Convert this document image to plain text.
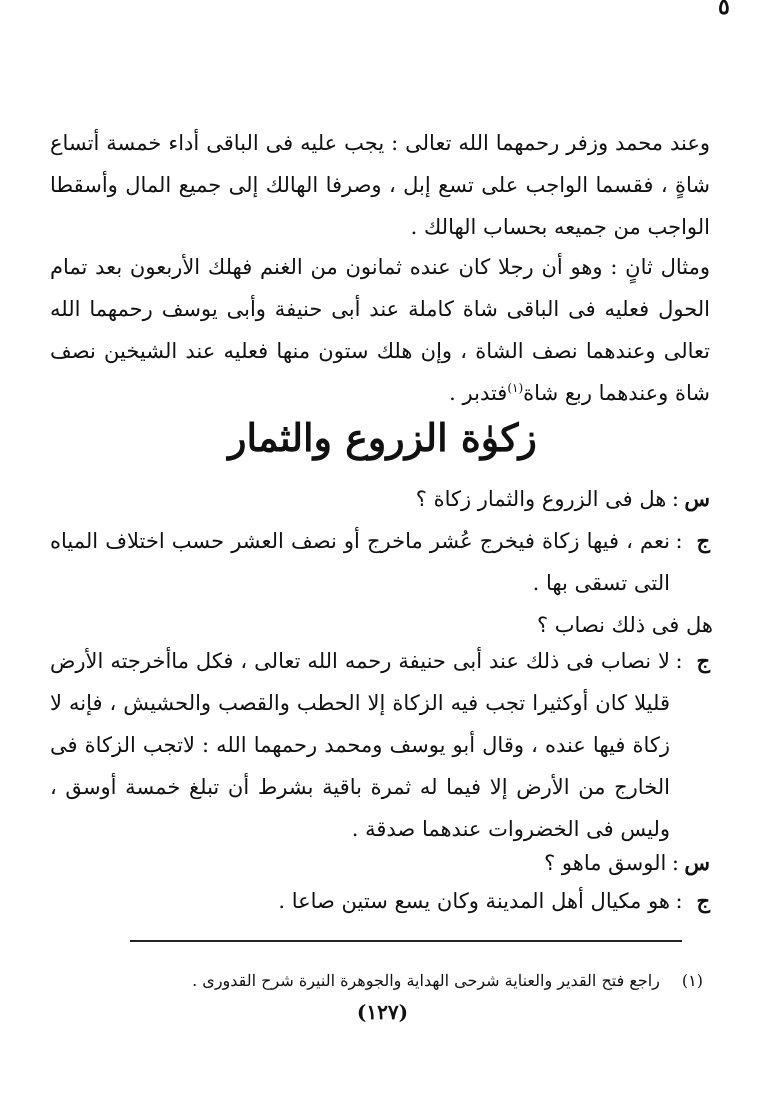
٥

وعند محمد وزفر رحمهما الله تعالى : يجب عليه فى الباقى أداء خمسة أتساع شاةٍ ، فقسما الواجب على تسع إبل ، وصرفا الهالك إلى جميع المال وأسقطا الواجب من جميعه بحساب الهالك .

ومثال ثانٍ : وهو أن رجلا كان عنده ثمانون من الغنم فهلك الأربعون بعد تمام الحول فعليه فى الباقى شاة كاملة عند أبى حنيفة وأبى يوسف رحمهما الله تعالى وعندهما نصف الشاة ، وإن هلك ستون منها فعليه عند الشيخين نصف شاة وعندهما ربع شاة$^{(١)}$فتدبر .

زكوٰة الزروع والثمار
س
:
هل فى الزروع والثمار زكاة ؟
ج
:
نعم ، فيها زكاة فيخرج عُشر ماخرج أو نصف العشر حسب اختلاف المياه التى تسقى بها .
هل فى ذلك نصاب ؟
ج
:
لا نصاب فى ذلك عند أبى حنيفة رحمه الله تعالى ، فكل ماأخرجته الأرض قليلا كان أوكثيرا تجب فيه الزكاة إلا الحطب والقصب والحشيش ، فإنه لا زكاة فيها عنده ، وقال أبو يوسف ومحمد رحمهما الله : لاتجب الزكاة فى الخارج من الأرض إلا فيما له ثمرة باقية بشرط أن تبلغ خمسة أوسق ، وليس فى الخضروات عندهما صدقة .
س
:
الوسق ماهو ؟
ج
:
هو مكيال أهل المدينة وكان يسع ستين صاعا .

(١)راجع فتح القدير والعناية شرحى الهداية والجوهرة النيرة شرح القدورى .

(١٢٧)
